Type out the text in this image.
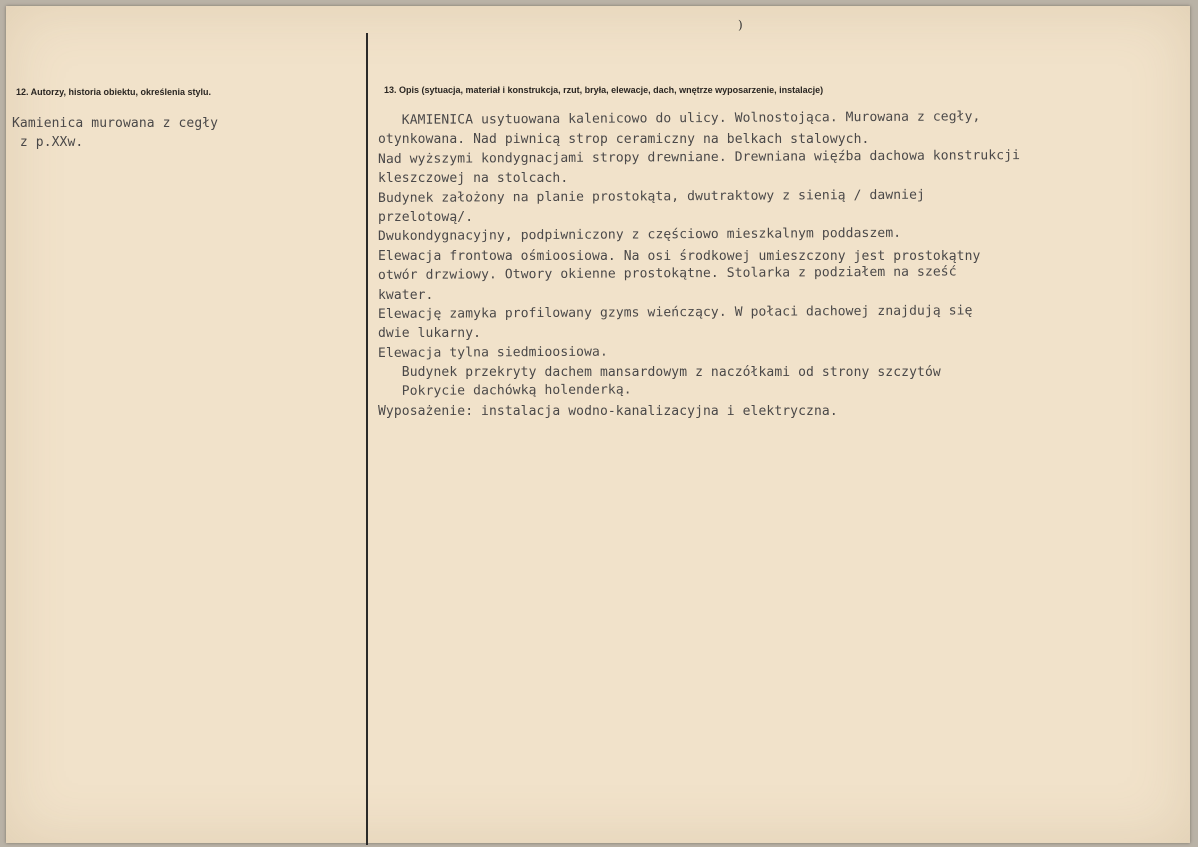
)
12. Autorzy, historia obiektu, określenia stylu.	13. Opis (sytuacja, materiał i konstrukcja, rzut, bryła, elewacje, dach, wnętrze wyposarzenie, instalacje)
Kamienica murowana z cegły
z p.XXw.
KAMIENICA usytuowana kalenicowo do ulicy. Wolnostojąca. Murowana z cegły,
otynkowana. Nad piwnicą strop ceramiczny na belkach stalowych.
Nad wyższymi kondygnacjami stropy drewniane. Drewniana więźba dachowa konstrukcji
kleszczowej na stolcach.
Budynek założony na planie prostokąta, dwutraktowy z sienią / dawniej
przelotową/.
Dwukondygnacyjny, podpiwniczony z częściowo mieszkalnym poddaszem.
Elewacja frontowa ośmioosiowa. Na osi środkowej umieszczony jest prostokątny
otwór drzwiowy. Otwory okienne prostokątne. Stolarka z podziałem na sześć
kwater.
Elewację zamyka profilowany gzyms wieńczący. W połaci dachowej znajdują się
dwie lukarny.
Elewacja tylna siedmioosiowa.
Budynek przekryty dachem mansardowym z naczółkami od strony szczytów
Pokrycie dachówką holenderką.
Wyposażenie: instalacja wodno-kanalizacyjna i elektryczna.
